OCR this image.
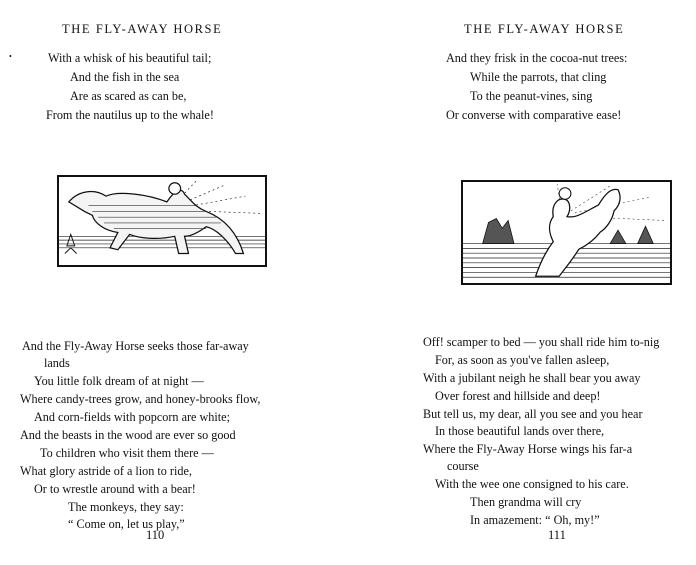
•
THE FLY-AWAY HORSE
With a whisk of his beautiful tail;
And the fish in the sea
Are as scared as can be,
From the nautilus up to the whale!
And the Fly-Away Horse seeks those far-away
lands
You little folk dream of at night —
Where candy-trees grow, and honey-brooks flow,
And corn-fields with popcorn are white;
And the beasts in the wood are ever so good
To children who visit them there —
What glory astride of a lion to ride,
Or to wrestle around with a bear!
The monkeys, they say:
“ Come on, let us play,”
110
THE FLY-AWAY HORSE
And they frisk in the cocoa-nut trees:
While the parrots, that cling
To the peanut-vines, sing
Or converse with comparative ease!
Off! scamper to bed — you shall ride him to-nig
For, as soon as you've fallen asleep,
With a jubilant neigh he shall bear you away
Over forest and hillside and deep!
But tell us, my dear, all you see and you hear
In those beautiful lands over there,
Where the Fly-Away Horse wings his far-a
course
With the wee one consigned to his care.
Then grandma will cry
In amazement: “ Oh, my!”
111
